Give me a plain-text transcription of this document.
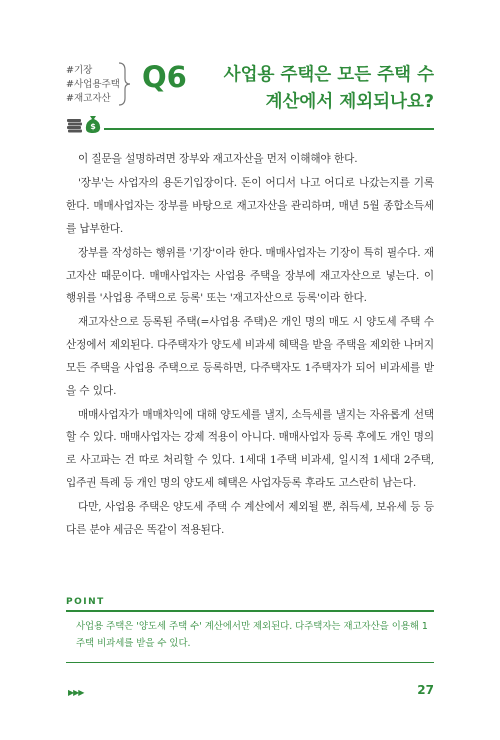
#기장
#사업용주택
#재고자산
Q6 사업용 주택은 모든 주택 수
계산에서 제외되나요?
$

이 질문을 설명하려면 장부와 재고자산을 먼저 이해해야 한다.

'장부'는 사업자의 용돈기입장이다. 돈이 어디서 나고 어디로 나갔는지를 기록한다. 매매사업자는 장부를 바탕으로 재고자산을 관리하며, 매년 5월 종합소득세를 납부한다.

장부를 작성하는 행위를 '기장'이라 한다. 매매사업자는 기장이 특히 필수다. 재고자산 때문이다. 매매사업자는 사업용 주택을 장부에 재고자산으로 넣는다. 이 행위를 '사업용 주택으로 등록' 또는 '재고자산으로 등록'이라 한다.

재고자산으로 등록된 주택(=사업용 주택)은 개인 명의 매도 시 양도세 주택 수 산정에서 제외된다. 다주택자가 양도세 비과세 혜택을 받을 주택을 제외한 나머지 모든 주택을 사업용 주택으로 등록하면, 다주택자도 1주택자가 되어 비과세를 받을 수 있다.

매매사업자가 매매차익에 대해 양도세를 낼지, 소득세를 낼지는 자유롭게 선택할 수 있다. 매매사업자는 강제 적용이 아니다. 매매사업자 등록 후에도 개인 명의로 사고파는 건 따로 처리할 수 있다. 1세대 1주택 비과세, 일시적 1세대 2주택, 입주권 특례 등 개인 명의 양도세 혜택은 사업자등록 후라도 고스란히 남는다.

다만, 사업용 주택은 양도세 주택 수 계산에서 제외될 뿐, 취득세, 보유세 등 등 다른 분야 세금은 똑같이 적용된다.

POINT
사업용 주택은 '양도세 주택 수' 계산에서만 제외된다. 다주택자는 재고자산을 이용해 1주택 비과세를 받을 수 있다.
▶▶▶	27
